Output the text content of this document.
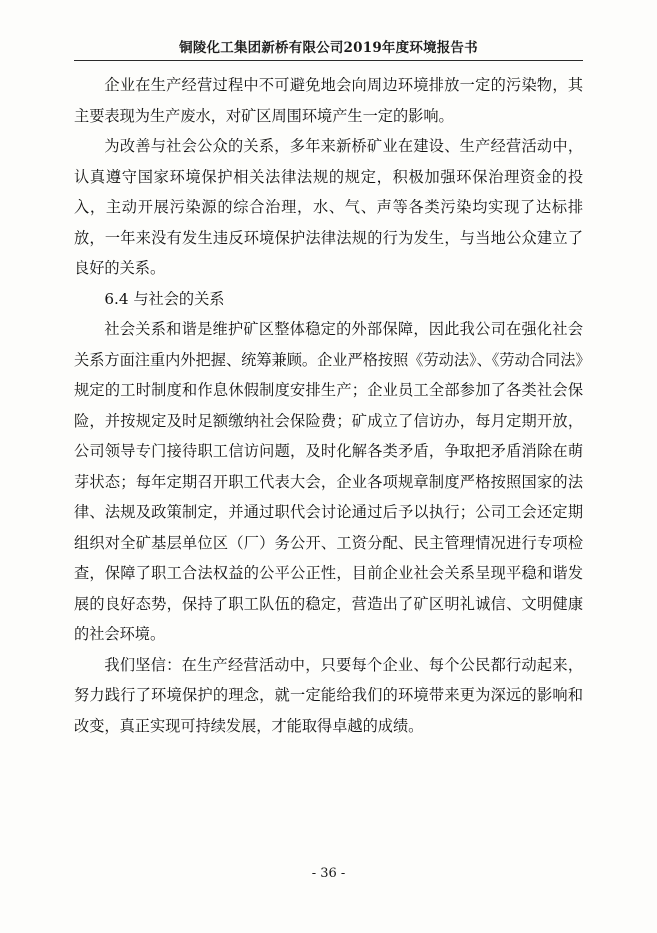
铜陵化工集团新桥有限公司2019年度环境报告书

企业在生产经营过程中不可避免地会向周边环境排放一定的污染物，其主要表现为生产废水，对矿区周围环境产生一定的影响。

为改善与社会公众的关系，多年来新桥矿业在建设、生产经营活动中，认真遵守国家环境保护相关法律法规的规定，积极加强环保治理资金的投入，主动开展污染源的综合治理，水、气、声等各类污染均实现了达标排放，一年来没有发生违反环境保护法律法规的行为发生，与当地公众建立了良好的关系。

6.4 与社会的关系

社会关系和谐是维护矿区整体稳定的外部保障，因此我公司在强化社会关系方面注重内外把握、统筹兼顾。企业严格按照《劳动法》、《劳动合同法》规定的工时制度和作息休假制度安排生产；企业员工全部参加了各类社会保险，并按规定及时足额缴纳社会保险费；矿成立了信访办，每月定期开放，公司领导专门接待职工信访问题，及时化解各类矛盾，争取把矛盾消除在萌芽状态；每年定期召开职工代表大会，企业各项规章制度严格按照国家的法律、法规及政策制定，并通过职代会讨论通过后予以执行；公司工会还定期组织对全矿基层单位区（厂）务公开、工资分配、民主管理情况进行专项检查，保障了职工合法权益的公平公正性，目前企业社会关系呈现平稳和谐发展的良好态势，保持了职工队伍的稳定，营造出了矿区明礼诚信、文明健康的社会环境。

我们坚信：在生产经营活动中，只要每个企业、每个公民都行动起来，努力践行了环境保护的理念，就一定能给我们的环境带来更为深远的影响和改变，真正实现可持续发展，才能取得卓越的成绩。

- 36 -
